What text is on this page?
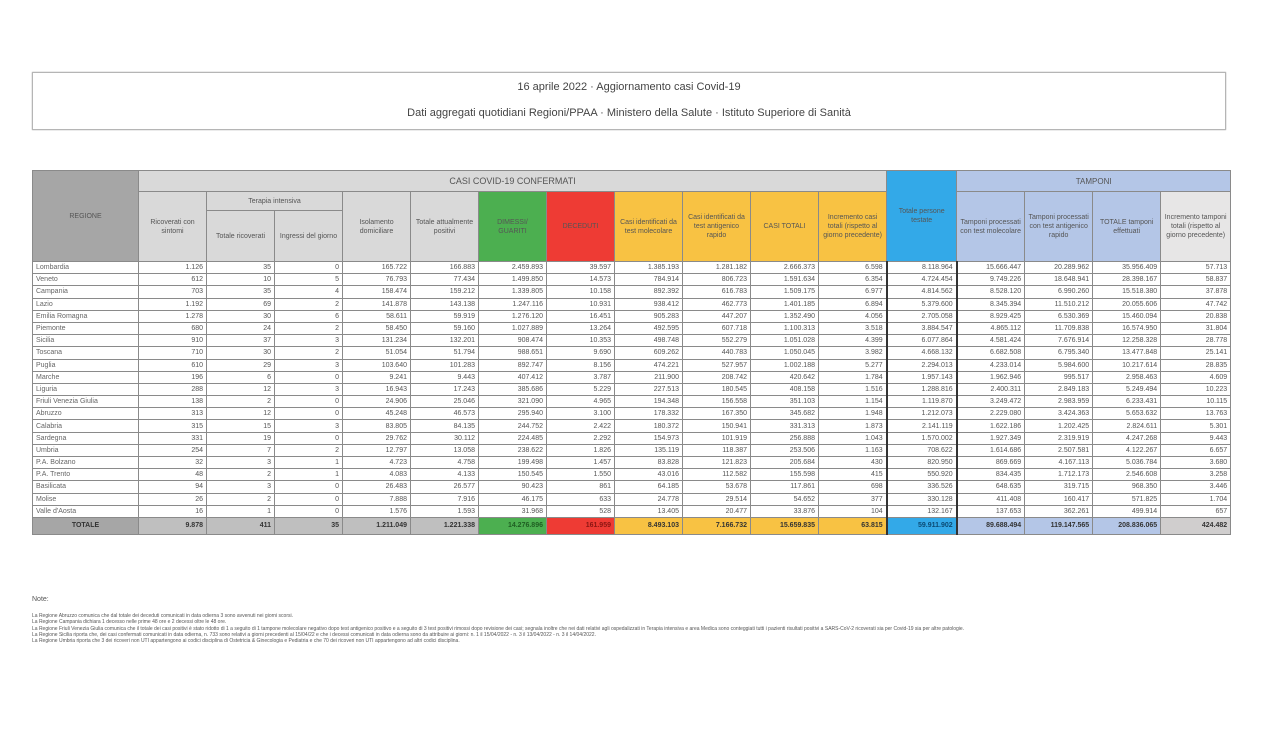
16 aprile 2022 · Aggiornamento casi Covid-19
Dati aggregati quotidiani Regioni/PPAA · Ministero della Salute · Istituto Superiore di Sanità
REGIONE	CASI COVID-19 CONFERMATI											Totale persone testate	TAMPONI			
	Ricoverati con sintomi	Terapia intensiva		Isolamento domiciliare	Totale attualmente positivi	DIMESSI/ GUARITI	DECEDUTI	Casi identificati da test molecolare	Casi identificati da test antigenico rapido	CASI TOTALI	Incremento casi totali (rispetto al giorno precedente)		Tamponi processati con test molecolare	Tamponi processati con test antigenico rapido	TOTALE tamponi effettuati	Incremento tamponi totali (rispetto al giorno precedente)
		Totale ricoverati	Ingressi del giorno													
Lombardia	1.126	35	0	165.722	166.883	2.459.893	39.597	1.385.193	1.281.182	2.666.373	6.598	8.118.964	15.666.447	20.289.962	35.956.409	57.713
Veneto	612	10	5	76.793	77.434	1.499.850	14.573	784.914	806.723	1.591.634	6.354	4.724.454	9.749.226	18.648.941	28.398.167	58.837
Campania	703	35	4	158.474	159.212	1.339.805	10.158	892.392	616.783	1.509.175	6.977	4.814.562	8.528.120	6.990.260	15.518.380	37.878
Lazio	1.192	69	2	141.878	143.138	1.247.116	10.931	938.412	462.773	1.401.185	6.894	5.379.600	8.345.394	11.510.212	20.055.606	47.742
Emilia Romagna	1.278	30	6	58.611	59.919	1.276.120	16.451	905.283	447.207	1.352.490	4.056	2.705.058	8.929.425	6.530.369	15.460.094	20.838
Piemonte	680	24	2	58.450	59.160	1.027.889	13.264	492.595	607.718	1.100.313	3.518	3.884.547	4.865.112	11.709.838	16.574.950	31.804
Sicilia	910	37	3	131.234	132.201	908.474	10.353	498.748	552.279	1.051.028	4.399	6.077.864	4.581.424	7.676.914	12.258.328	28.778
Toscana	710	30	2	51.054	51.794	988.651	9.690	609.262	440.783	1.050.045	3.982	4.668.132	6.682.508	6.795.340	13.477.848	25.141
Puglia	610	29	3	103.640	101.283	892.747	8.156	474.221	527.957	1.002.188	5.277	2.294.013	4.233.014	5.984.600	10.217.614	28.835
Marche	196	6	0	9.241	9.443	407.412	3.787	211.900	208.742	420.642	1.784	1.957.143	1.962.946	995.517	2.958.463	4.609
Liguria	288	12	3	16.943	17.243	385.686	5.229	227.513	180.545	408.158	1.516	1.288.816	2.400.311	2.849.183	5.249.494	10.223
Friuli Venezia Giulia	138	2	0	24.906	25.046	321.090	4.965	194.348	156.558	351.103	1.154	1.119.870	3.249.472	2.983.959	6.233.431	10.115
Abruzzo	313	12	0	45.248	46.573	295.940	3.100	178.332	167.350	345.682	1.948	1.212.073	2.229.080	3.424.363	5.653.632	13.763
Calabria	315	15	3	83.805	84.135	244.752	2.422	180.372	150.941	331.313	1.873	2.141.119	1.622.186	1.202.425	2.824.611	5.301
Sardegna	331	19	0	29.762	30.112	224.485	2.292	154.973	101.919	256.888	1.043	1.570.002	1.927.349	2.319.919	4.247.268	9.443
Umbria	254	7	2	12.797	13.058	238.622	1.826	135.119	118.387	253.506	1.163	708.622	1.614.686	2.507.581	4.122.267	6.657
P.A. Bolzano	32	3	1	4.723	4.758	199.498	1.457	83.828	121.823	205.684	430	820.950	869.669	4.167.113	5.036.784	3.680
P.A. Trento	48	2	1	4.083	4.133	150.545	1.550	43.016	112.582	155.598	415	550.920	834.435	1.712.173	2.546.608	3.258
Basilicata	94	3	0	26.483	26.577	90.423	861	64.185	53.678	117.861	698	336.526	648.635	319.715	968.350	3.446
Molise	26	2	0	7.888	7.916	46.175	633	24.778	29.514	54.652	377	330.128	411.408	160.417	571.825	1.704
Valle d'Aosta	16	1	0	1.576	1.593	31.968	528	13.405	20.477	33.876	104	132.167	137.653	362.261	499.914	657
TOTALE	9.878	411	35	1.211.049	1.221.338	14.276.896	161.959	8.493.103	7.166.732	15.659.835	63.815	59.911.902	89.688.494	119.147.565	208.836.065	424.482
Note:
La Regione Abruzzo comunica che dal totale dei deceduti comunicati in data odierna 3 sono avvenuti nei giorni scorsi.
La Regione Campania dichiara 1 decesso nelle prime 48 ore e 2 decessi oltre le 48 ore.
La Regione Friuli Venezia Giulia comunica che il totale dei casi positivi è stato ridotto di 1 a seguito di 1 tampone molecolare negativo dopo test antigenico positivo e a seguito di 3 test positivi rimossi dopo revisione dei casi; segnala inoltre che nei dati relativi agli ospedalizzati in Terapia intensiva e area Medica sono conteggiati tutti i pazienti risultati positivi a SARS-CoV-2 ricoverati sia per Covid-19 sia per altre patologie.
La Regione Sicilia riporta che, dei casi confermati comunicati in data odierna, n. 733 sono relativi a giorni precedenti al 15/04/22 e che i decessi comunicati in data odierna sono da attribuire ai giorni: n. 1 il 15/04/2022 - n. 3 il 13/04/2022 - n. 3 il 14/04/2022.
La Regione Umbria riporta che 3 dei ricoveri non UTI appartengono ai codici disciplina di Ostetricia & Ginecologia e Pediatria e che 70 dei ricoveri non UTI appartengono ad altri codici disciplina.
